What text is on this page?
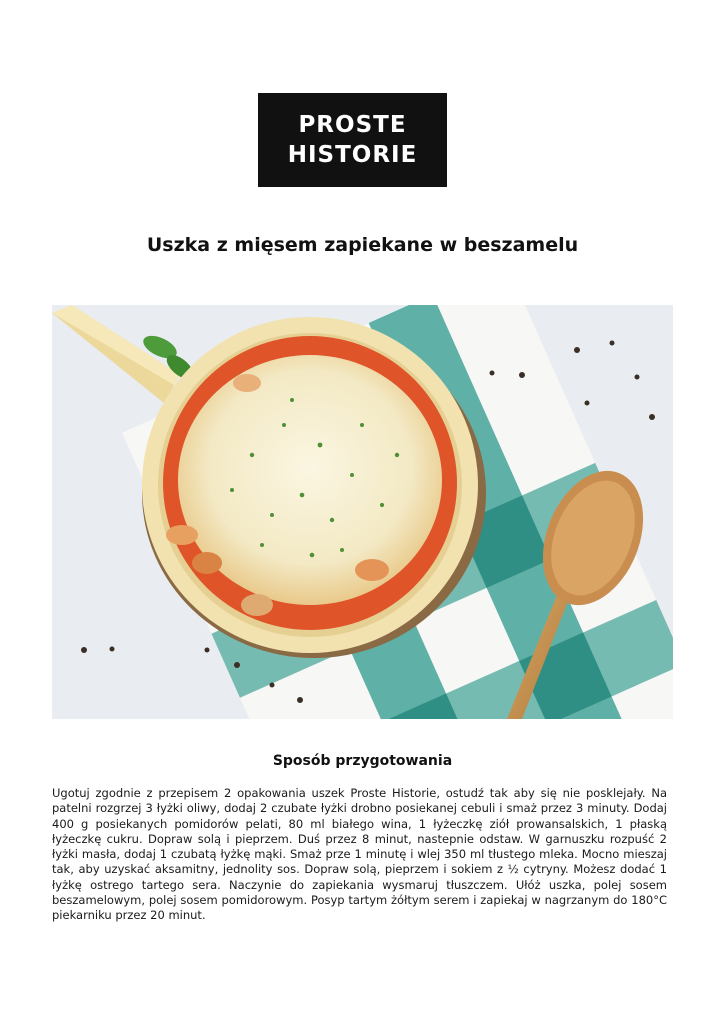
PROSTE
HISTORIE
Uszka z mięsem zapiekane w beszamelu
Sposób przygotowania

Ugotuj zgodnie z przepisem 2 opakowania uszek Proste Historie, ostudź tak aby się nie posklejały. Na patelni rozgrzej 3 łyżki oliwy, dodaj 2 czubate łyżki drobno posiekanej cebuli i smaż przez 3 minuty. Dodaj 400 g posiekanych pomidorów pelati, 80 ml białego wina, 1 łyżeczkę ziół prowansalskich, 1 płaską łyżeczkę cukru. Dopraw solą i pieprzem. Duś przez 8 minut, nastepnie odstaw. W garnuszku rozpuść 2 łyżki masła, dodaj 1 czubatą łyżkę mąki. Smaż prze 1 minutę i wlej 350 ml tłustego mleka. Mocno mieszaj tak, aby uzyskać aksamitny, jednolity sos. Dopraw solą, pieprzem i sokiem z ½ cytryny. Możesz dodać 1 łyżkę ostrego tartego sera. Naczynie do zapiekania wysmaruj tłuszczem. Ułóż uszka, polej sosem beszamelowym, polej sosem pomidorowym. Posyp tartym żółtym serem i zapiekaj w nagrzanym do 180°C piekarniku przez 20 minut.
